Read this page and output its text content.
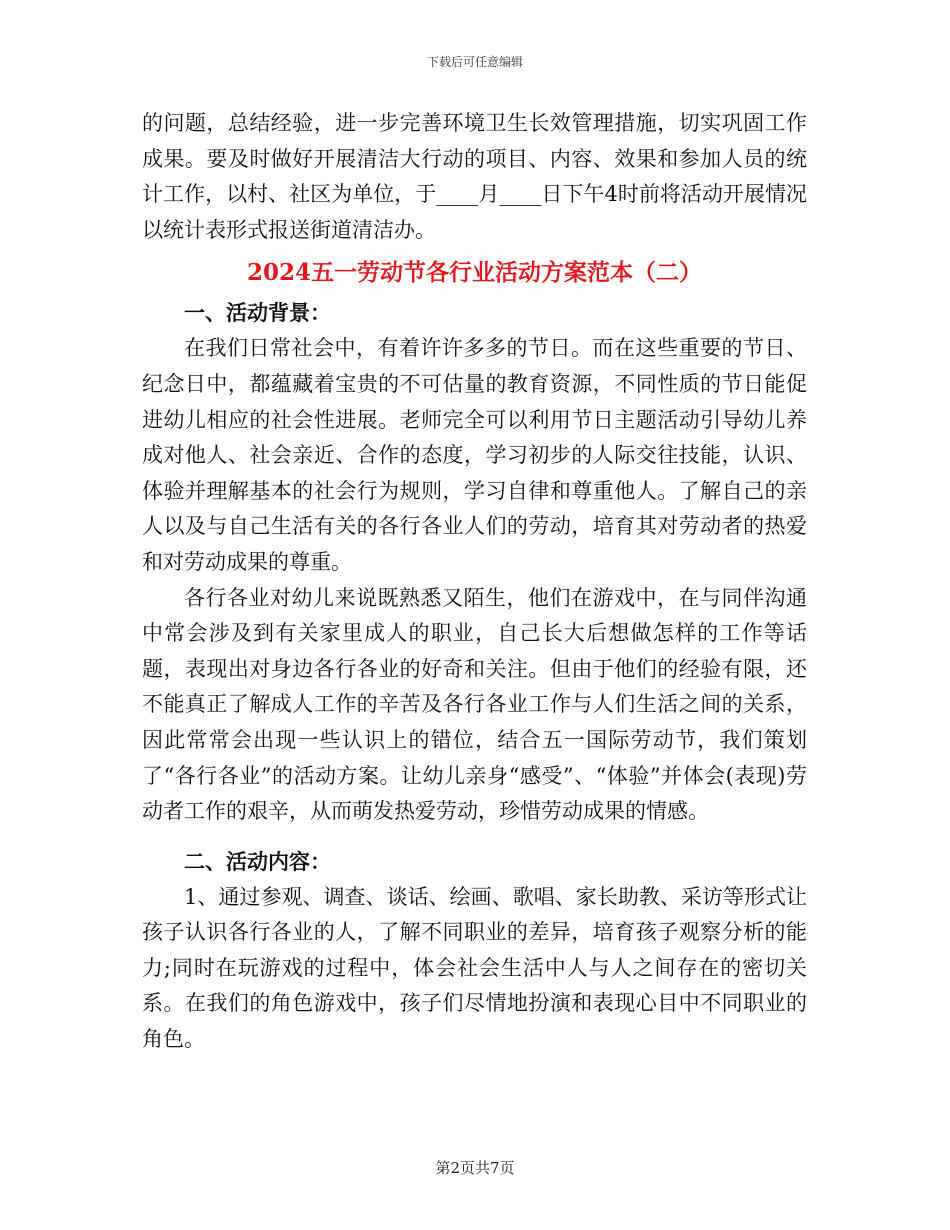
下载后可任意编辑

的问题，总结经验，进一步完善环境卫生长效管理措施，切实巩固工作成果。要及时做好开展清洁大行动的项目、内容、效果和参加人员的统计工作，以村、社区为单位，于____月____日下午4时前将活动开展情况以统计表形式报送街道清洁办。

2024五一劳动节各行业活动方案范本（二）
一、活动背景：

在我们日常社会中，有着许许多多的节日。而在这些重要的节日、纪念日中，都蕴藏着宝贵的不可估量的教育资源，不同性质的节日能促进幼儿相应的社会性进展。老师完全可以利用节日主题活动引导幼儿养成对他人、社会亲近、合作的态度，学习初步的人际交往技能，认识、体验并理解基本的社会行为规则，学习自律和尊重他人。了解自己的亲人以及与自己生活有关的各行各业人们的劳动，培育其对劳动者的热爱和对劳动成果的尊重。

各行各业对幼儿来说既熟悉又陌生，他们在游戏中，在与同伴沟通中常会涉及到有关家里成人的职业，自己长大后想做怎样的工作等话题，表现出对身边各行各业的好奇和关注。但由于他们的经验有限，还不能真正了解成人工作的辛苦及各行各业工作与人们生活之间的关系，因此常常会出现一些认识上的错位，结合五一国际劳动节，我们策划了“各行各业”的活动方案。让幼儿亲身“感受”、“体验”并体会(表现)劳动者工作的艰辛，从而萌发热爱劳动，珍惜劳动成果的情感。

二、活动内容：

1、通过参观、调查、谈话、绘画、歌唱、家长助教、采访等形式让孩子认识各行各业的人，了解不同职业的差异，培育孩子观察分析的能力;同时在玩游戏的过程中，体会社会生活中人与人之间存在的密切关系。在我们的角色游戏中，孩子们尽情地扮演和表现心目中不同职业的角色。

第2页共7页
